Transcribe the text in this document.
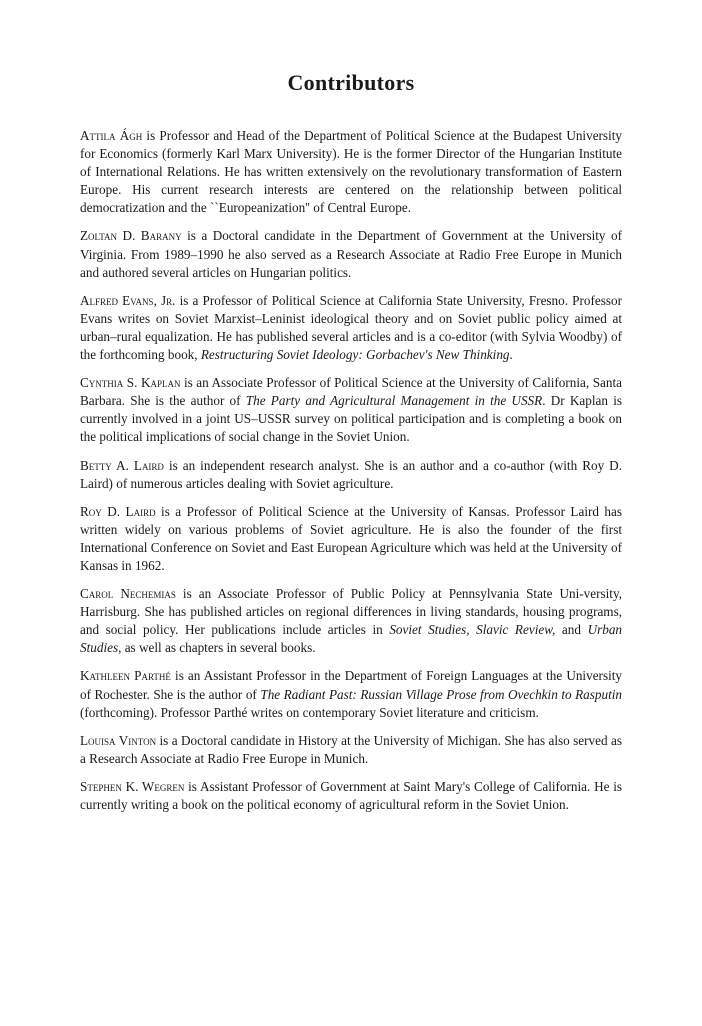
Contributors

Attila Ágh is Professor and Head of the Department of Political Science at the Budapest University for Economics (formerly Karl Marx University). He is the former Director of the Hungarian Institute of International Relations. He has written extensively on the revolutionary transformation of Eastern Europe. His current research interests are centered on the relationship between political democratization and the ``Europeanization'' of Central Europe.

Zoltan D. Barany is a Doctoral candidate in the Department of Government at the University of Virginia. From 1989–1990 he also served as a Research Associate at Radio Free Europe in Munich and authored several articles on Hungarian politics.

Alfred Evans, Jr. is a Professor of Political Science at California State University, Fresno. Professor Evans writes on Soviet Marxist–Leninist ideological theory and on Soviet public policy aimed at urban–rural equalization. He has published several articles and is a co-editor (with Sylvia Woodby) of the forthcoming book, Restructuring Soviet Ideology: Gorbachev's New Thinking.

Cynthia S. Kaplan is an Associate Professor of Political Science at the University of California, Santa Barbara. She is the author of The Party and Agricultural Management in the USSR. Dr Kaplan is currently involved in a joint US–USSR survey on political participation and is completing a book on the political implications of social change in the Soviet Union.

Betty A. Laird is an independent research analyst. She is an author and a co-author (with Roy D. Laird) of numerous articles dealing with Soviet agriculture.

Roy D. Laird is a Professor of Political Science at the University of Kansas. Professor Laird has written widely on various problems of Soviet agriculture. He is also the founder of the first International Conference on Soviet and East European Agriculture which was held at the University of Kansas in 1962.

Carol Nechemias is an Associate Professor of Public Policy at Pennsylvania State Uni-versity, Harrisburg. She has published articles on regional differences in living standards, housing programs, and social policy. Her publications include articles in Soviet Studies, Slavic Review, and Urban Studies, as well as chapters in several books.

Kathleen Parthé is an Assistant Professor in the Department of Foreign Languages at the University of Rochester. She is the author of The Radiant Past: Russian Village Prose from Ovechkin to Rasputin (forthcoming). Professor Parthé writes on contemporary Soviet literature and criticism.

Louisa Vinton is a Doctoral candidate in History at the University of Michigan. She has also served as a Research Associate at Radio Free Europe in Munich.

Stephen K. Wegren is Assistant Professor of Government at Saint Mary's College of California. He is currently writing a book on the political economy of agricultural reform in the Soviet Union.
